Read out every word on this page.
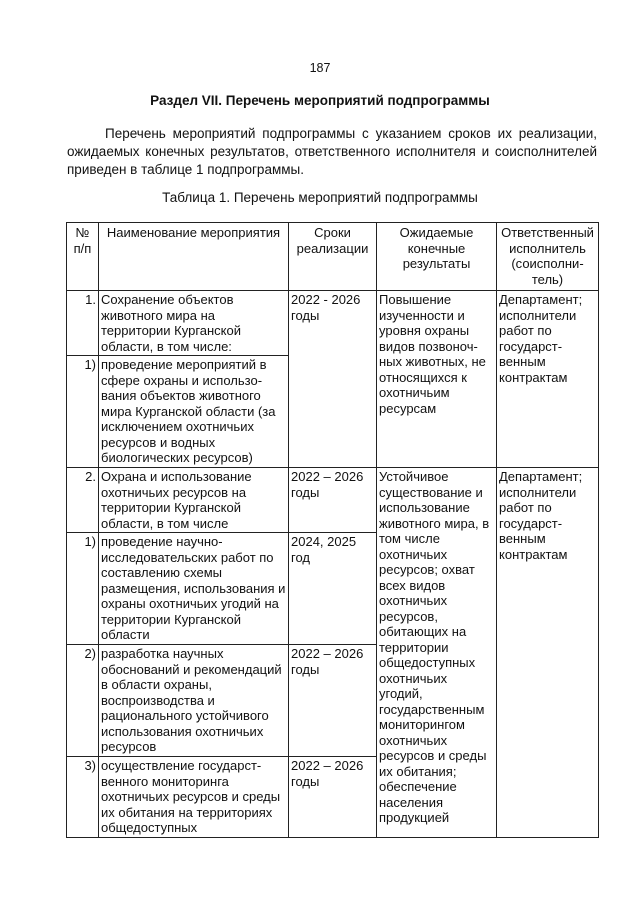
187
Раздел VII. Перечень мероприятий подпрограммы
Перечень мероприятий подпрограммы с указанием сроков их реализации, ожидаемых конечных результатов, ответственного исполнителя и соисполнителей приведен в таблице 1 подпрограммы.
Таблица 1. Перечень мероприятий подпрограммы
№ п/п	Наименование мероприятия	Сроки реализации	Ожидаемые конечные результаты	Ответственный исполнитель (соисполни-тель)
1.	Сохранение объектов животного мира на территории Курганской области, в том числе:	2022 - 2026 годы	Повышение изученности и уровня охраны видов позвоноч-ных животных, не относящихся к охотничьим ресурсам	Департамент; исполнители работ по государст-венным контрактам
1)	проведение мероприятий в сфере охраны и использо-вания объектов животного мира Курганской области (за исключением охотничьих ресурсов и водных биологических ресурсов)			
2.	Охрана и использование охотничьих ресурсов на территории Курганской области, в том числе	2022 – 2026 годы	Устойчивое существование и использование животного мира, в том числе охотничьих ресурсов; охват всех видов охотничьих ресурсов, обитающих на территории общедоступных охотничьих угодий, государственным мониторингом охотничьих ресурсов и среды их обитания; обеспечение населения продукцией	Департамент; исполнители работ по государст-венным контрактам
1)	проведение научно-исследовательских работ по составлению схемы размещения, использования и охраны охотничьих угодий на территории Курганской области	2024, 2025 год		
2)	разработка научных обоснований и рекомендаций в области охраны, воспроизводства и рационального устойчивого использования охотничьих ресурсов	2022 – 2026 годы		
3)	осуществление государст-венного мониторинга охотничьих ресурсов и среды их обитания на территориях общедоступных	2022 – 2026 годы		
